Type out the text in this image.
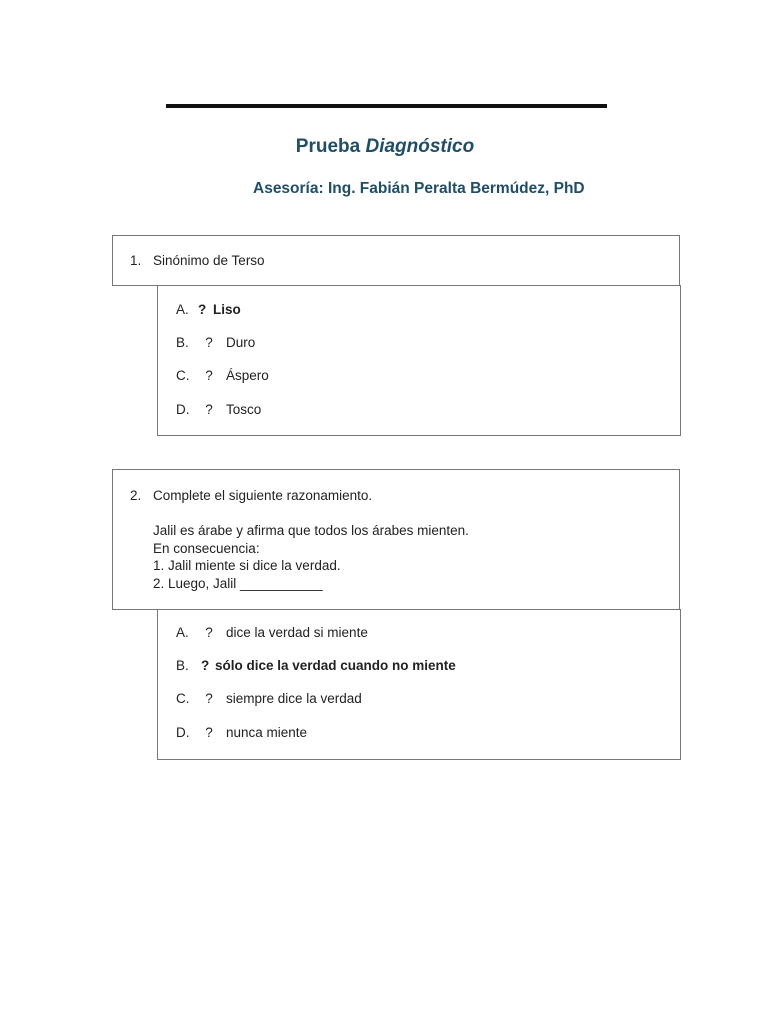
Prueba Diagnóstico
Asesoría: Ing. Fabián Peralta Bermúdez, PhD
1. Sinónimo de Terso
A. ? Liso
B. ? Duro
C. ? Áspero
D. ? Tosco
2. Complete el siguiente razonamiento.
Jalil es árabe y afirma que todos los árabes mienten.
En consecuencia:
1. Jalil miente si dice la verdad.
2. Luego, Jalil ___________
A. ? dice la verdad si miente
B. ? sólo dice la verdad cuando no miente
C. ? siempre dice la verdad
D. ? nunca miente
